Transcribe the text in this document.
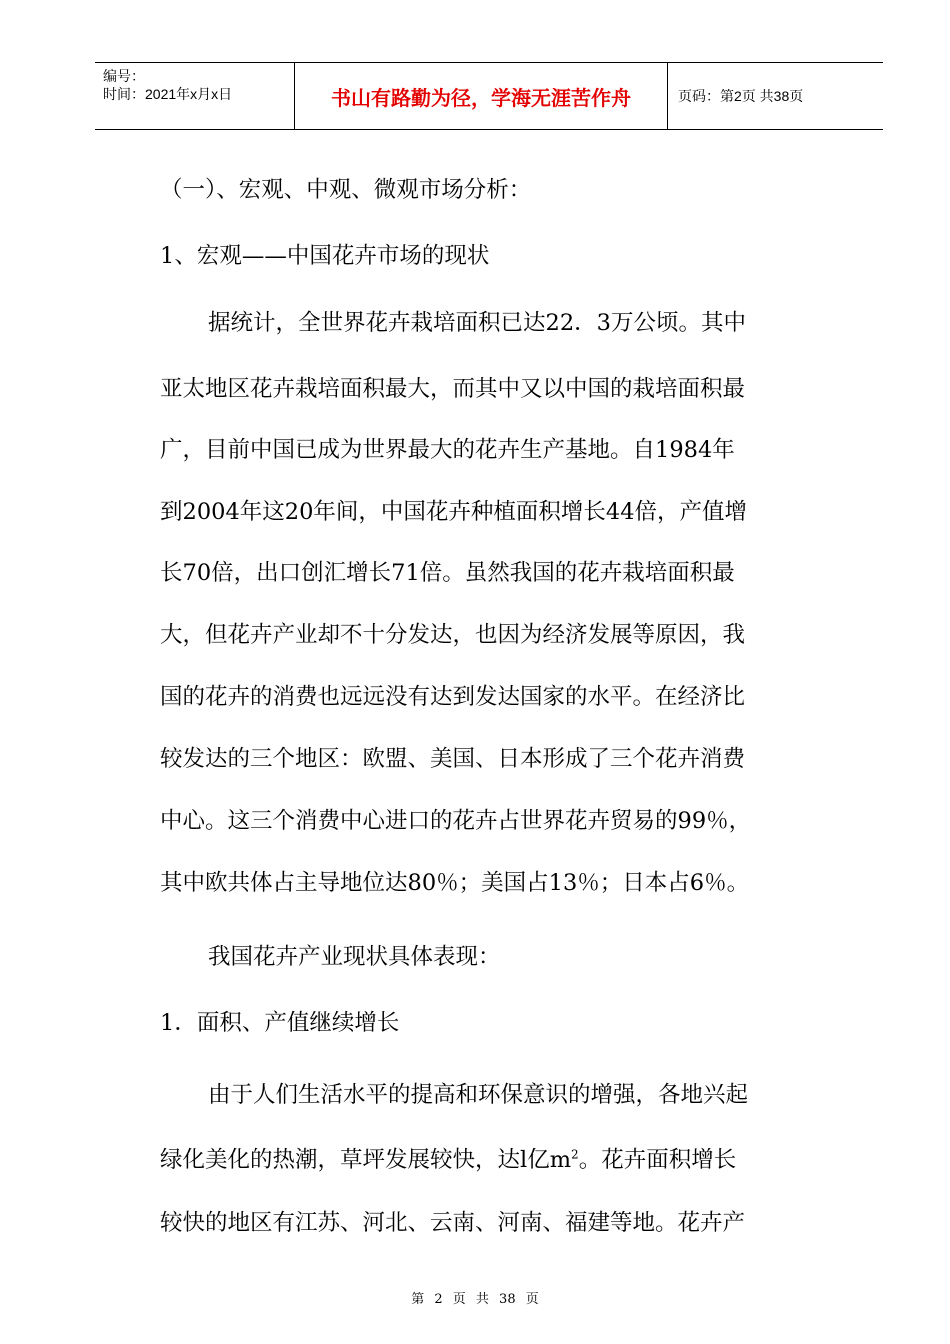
编号：
时间：2021年x月x日	书山有路勤为径，学海无涯苦作舟	页码：第2页 共38页
（一）、宏观、中观、微观市场分析：
1、宏观——中国花卉市场的现状
据统计，全世界花卉栽培面积已达22．3万公顷。其中
亚太地区花卉栽培面积最大，而其中又以中国的栽培面积最
广，目前中国已成为世界最大的花卉生产基地。自1984年
到2004年这20年间，中国花卉种植面积增长44倍，产值增
长70倍，出口创汇增长71倍。虽然我国的花卉栽培面积最
大，但花卉产业却不十分发达，也因为经济发展等原因，我
国的花卉的消费也远远没有达到发达国家的水平。在经济比
较发达的三个地区：欧盟、美国、日本形成了三个花卉消费
中心。这三个消费中心进口的花卉占世界花卉贸易的99％，
其中欧共体占主导地位达80％；美国占13％；日本占6％。
我国花卉产业现状具体表现：
1．面积、产值继续增长
由于人们生活水平的提高和环保意识的增强，各地兴起
绿化美化的热潮，草坪发展较快，达l亿$m^2$。花卉面积增长
较快的地区有江苏、河北、云南、河南、福建等地。花卉产
第 2 页 共 38 页
